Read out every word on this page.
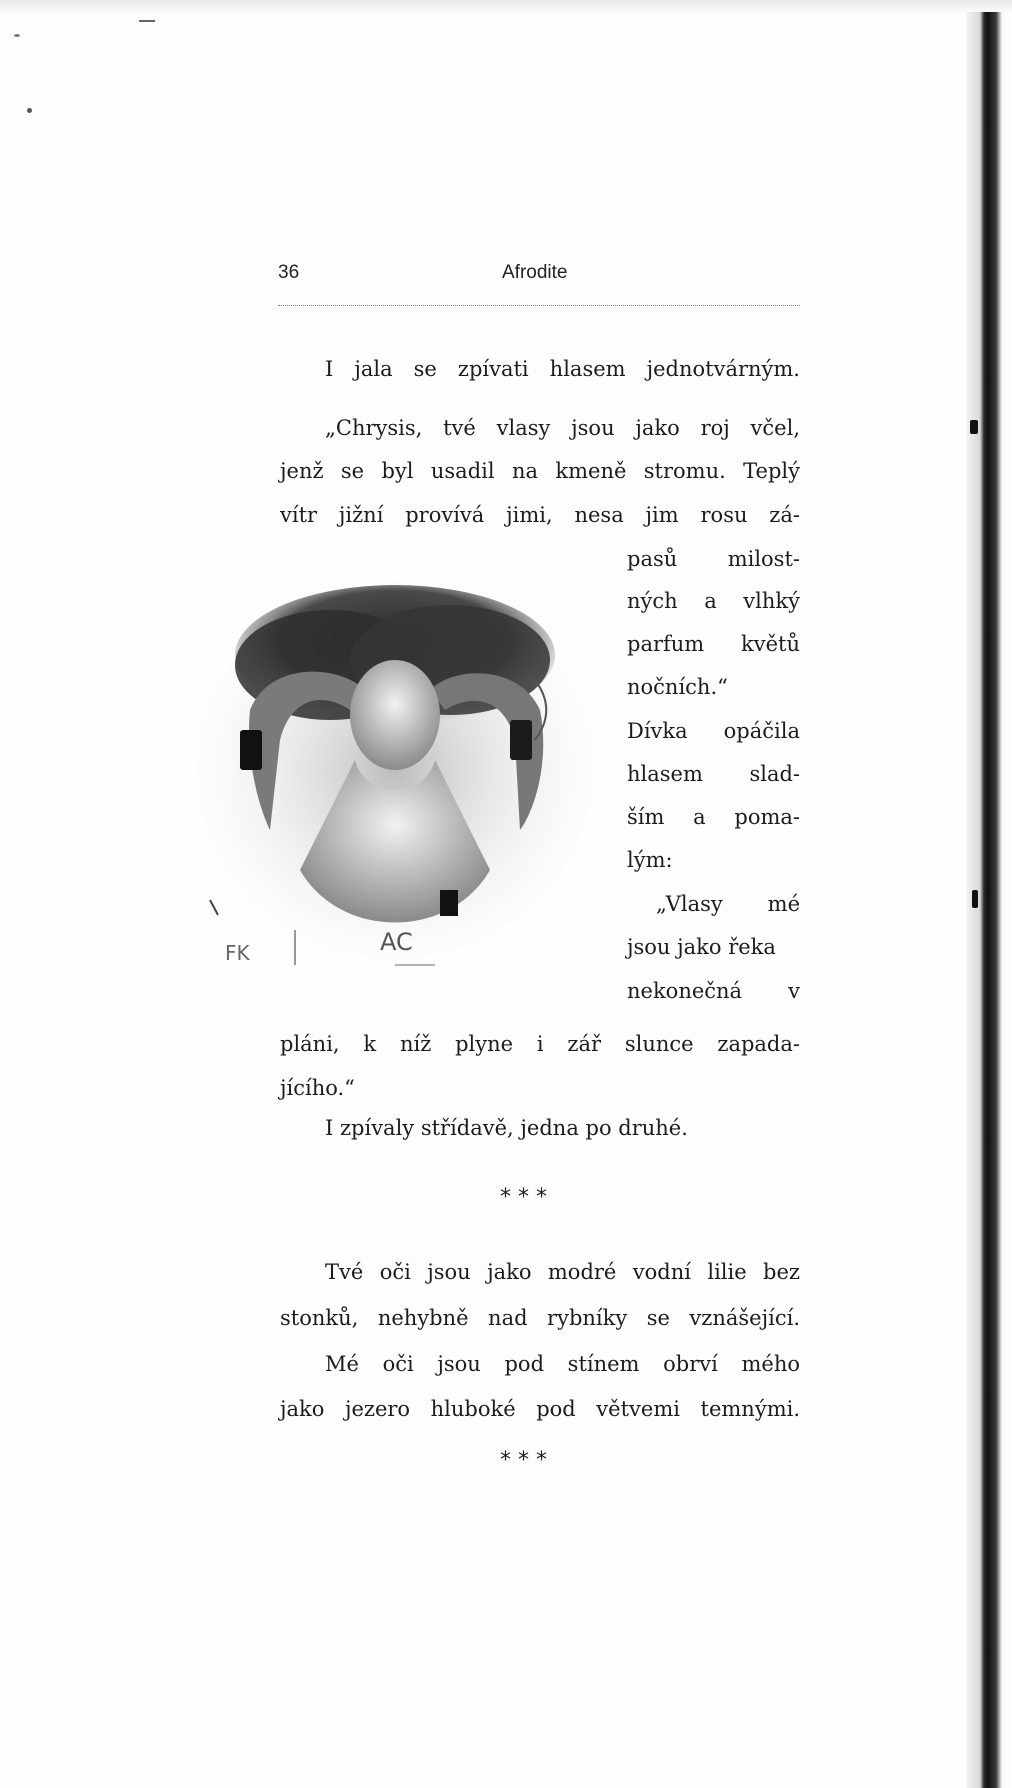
36	Afrodite
I jala se zpívati hlasem jednotvárným.
„Chrysis, tvé vlasy jsou jako roj včel,
jenž se byl usadil na kmeně stromu. Teplý
vítr jižní provívá jimi, nesa jim rosu zá-
AC
FK
pasů milost-
ných a vlhký
parfum květů
nočních.“
Dívka opáčila
hlasem slad-
ším a poma-
lým:
„Vlasy mé
jsou jako řeka
nekonečná v
pláni, k níž plyne i zář slunce zapada-
jícího.“
I zpívaly střídavě, jedna po druhé.
* * *
Tvé oči jsou jako modré vodní lilie bez
stonků, nehybně nad rybníky se vznášející.
Mé oči jsou pod stínem obrví mého
jako jezero hluboké pod větvemi temnými.
* * *
